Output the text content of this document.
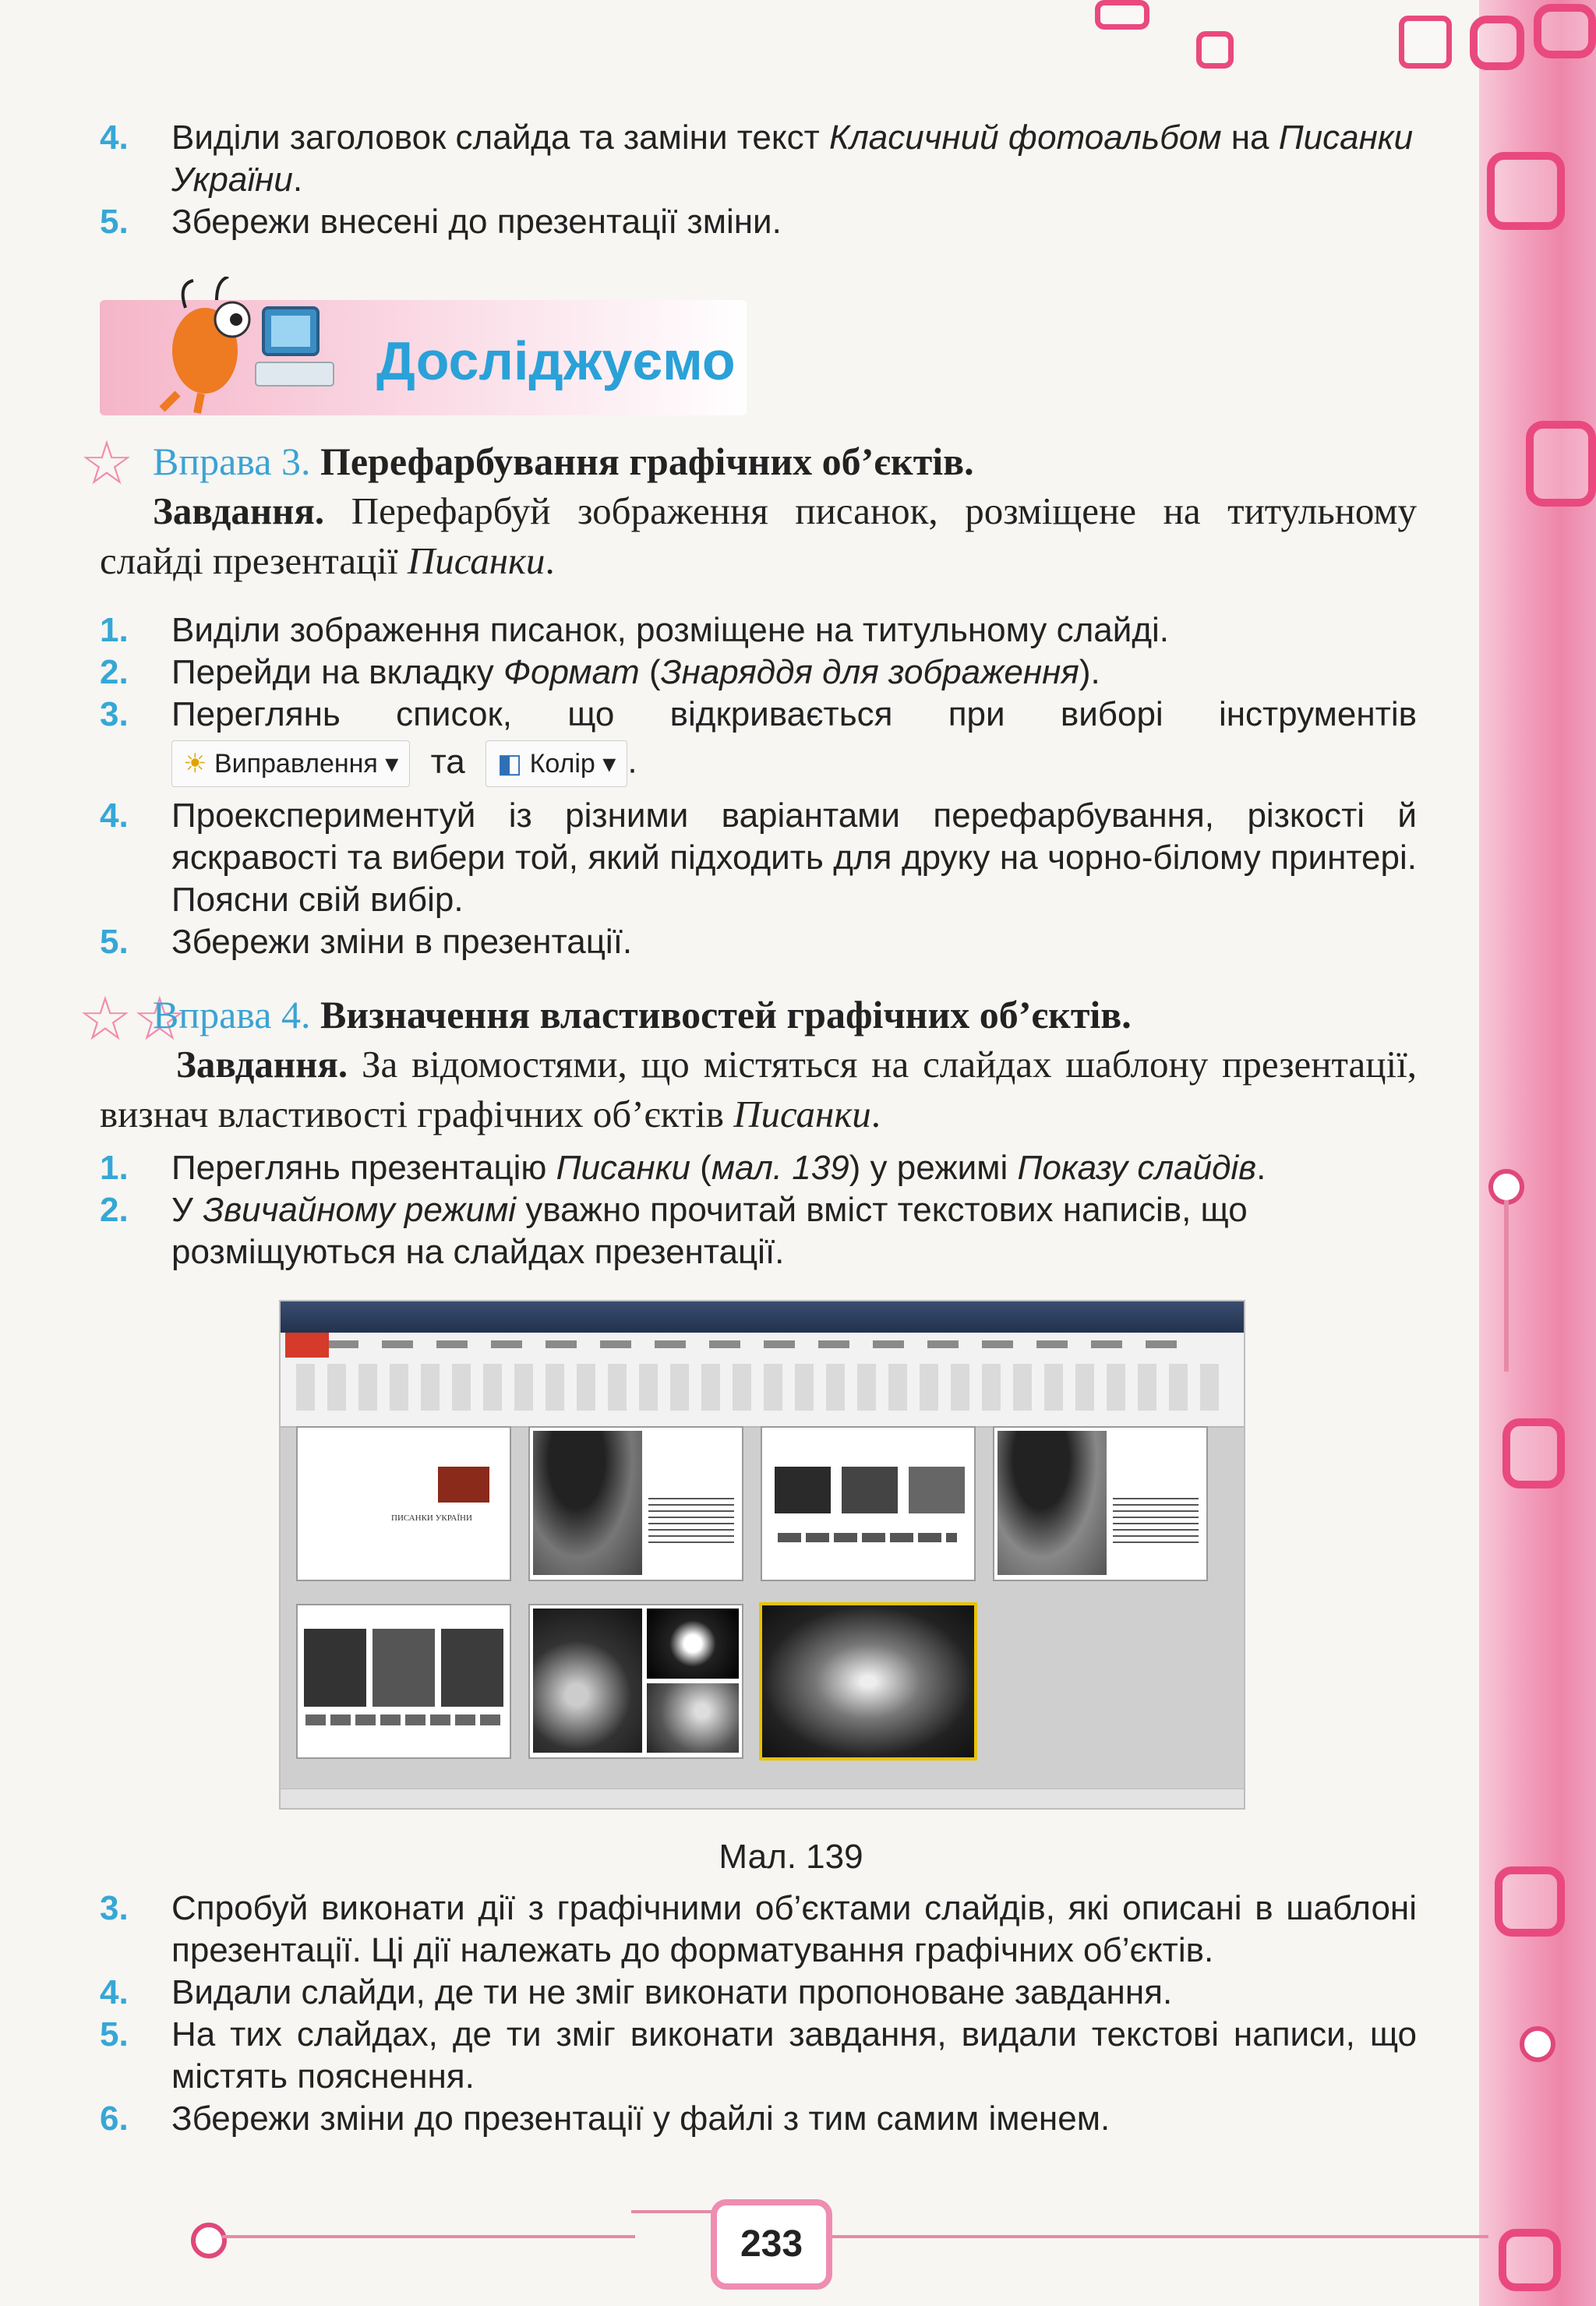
4. Виділи заголовок слайда та заміни текст Класичний фотоальбом на Писанки України.

5. Збережи внесені до презентації зміни.

Досліджуємо
☆ Вправа 3. Перефарбування графічних об’єктів.

Завдання. Перефарбуй зображення писанок, розміщене на титульному слайді презентації Писанки.

1. Виділи зображення писанок, розміщене на титульному слайді.

2. Перейди на вкладку Формат (Знаряддя для зображення).

3. Переглянь список, що відкривається при виборі інструментів

☀ Виправлення ▾ та ◧ Колір ▾ .

4. Проекспериментуй із різними варіантами перефарбування, різкості й яскравості та вибери той, який підходить для друку на чорно-білому принтері. Поясни свій вибір.

5. Збережи зміни в презентації.

☆☆

Вправа 4. Визначення властивостей графічних об’єктів.

Завдання. За відомостями, що містяться на слайдах шаблону презентації, визнач властивості графічних об’єктів Писанки.

1. Переглянь презентацію Писанки (мал. 139) у режимі Показу слайдів.

2. У Звичайному режимі уважно прочитай вміст текстових написів, що розміщуються на слайдах презентації.

ПИСАНКИ УКРАЇНИ
Мал. 139

3. Спробуй виконати дії з графічними об’єктами слайдів, які описані в шаблоні презентації. Ці дії належать до форматування графічних об’єктів.

4. Видали слайди, де ти не зміг виконати пропоноване завдання.

5. На тих слайдах, де ти зміг виконати завдання, видали текстові написи, що містять пояснення.

6. Збережи зміни до презентації у файлі з тим самим іменем.

233
